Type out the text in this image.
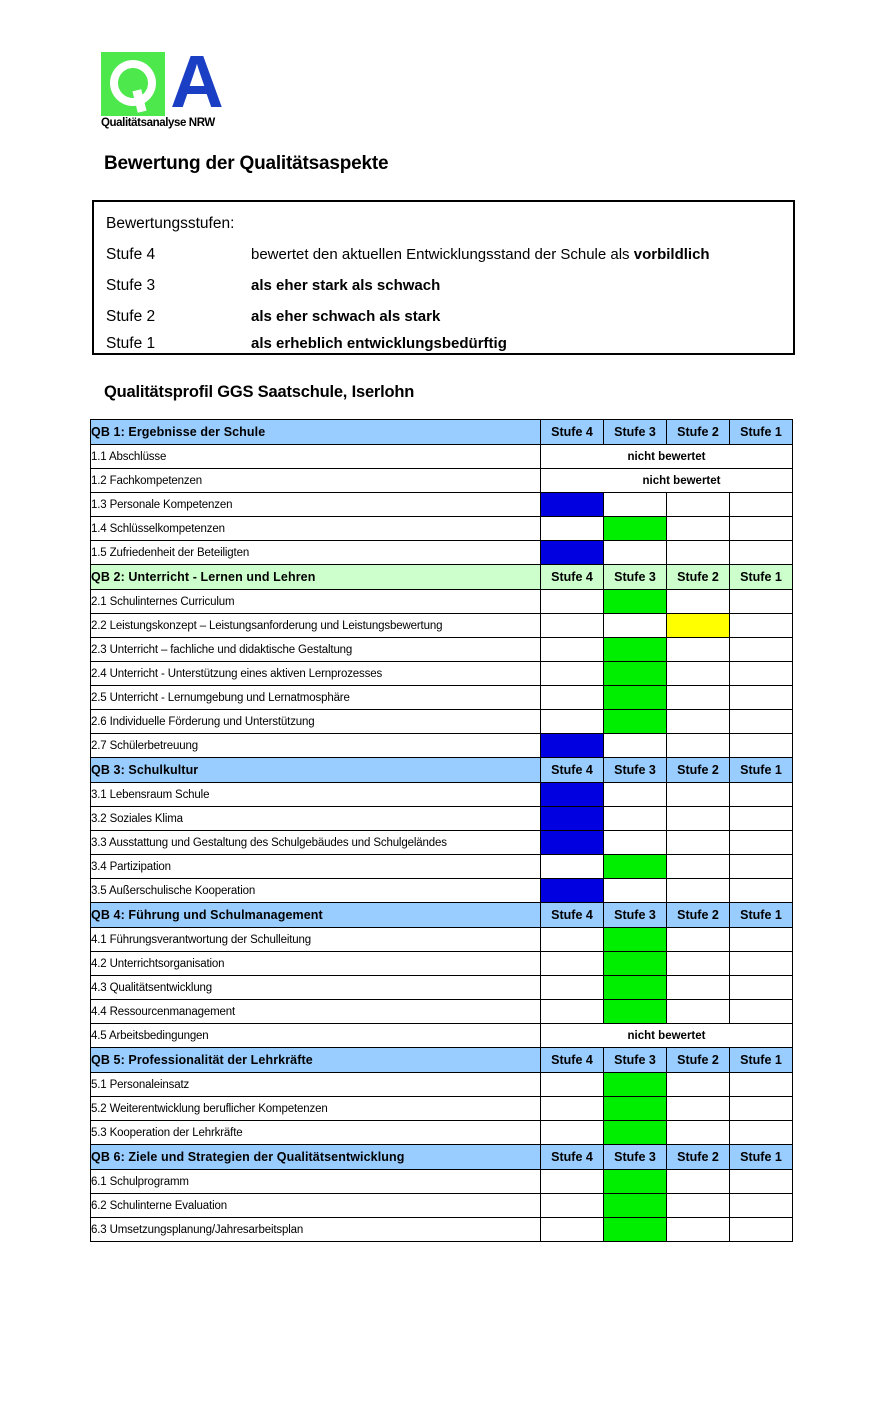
A
Qualitätsanalyse NRW
Bewertung der Qualitätsaspekte
Bewertungsstufen:
Stufe 4	bewertet den aktuellen Entwicklungsstand der Schule als vorbildlich
Stufe 3	als eher stark als schwach
Stufe 2	als eher schwach als stark
Stufe 1	als erheblich entwicklungsbedürftig
Qualitätsprofil GGS Saatschule, Iserlohn
QB 1: Ergebnisse der Schule	Stufe 4	Stufe 3	Stufe 2	Stufe 1
1.1 Abschlüsse	nicht bewertet			
1.2 Fachkompetenzen	nicht bewertet			
1.3 Personale Kompetenzen				
1.4 Schlüsselkompetenzen				
1.5 Zufriedenheit der Beteiligten				
QB 2: Unterricht - Lernen und Lehren	Stufe 4	Stufe 3	Stufe 2	Stufe 1
2.1 Schulinternes Curriculum				
2.2 Leistungskonzept – Leistungsanforderung und Leistungsbewertung				
2.3 Unterricht – fachliche und didaktische Gestaltung				
2.4 Unterricht - Unterstützung eines aktiven Lernprozesses				
2.5 Unterricht - Lernumgebung und Lernatmosphäre				
2.6 Individuelle Förderung und Unterstützung				
2.7 Schülerbetreuung				
QB 3: Schulkultur	Stufe 4	Stufe 3	Stufe 2	Stufe 1
3.1 Lebensraum Schule				
3.2 Soziales Klima				
3.3 Ausstattung und Gestaltung des Schulgebäudes und Schulgeländes				
3.4 Partizipation				
3.5 Außerschulische Kooperation				
QB 4: Führung und Schulmanagement	Stufe 4	Stufe 3	Stufe 2	Stufe 1
4.1 Führungsverantwortung der Schulleitung				
4.2 Unterrichtsorganisation				
4.3 Qualitätsentwicklung				
4.4 Ressourcenmanagement				
4.5 Arbeitsbedingungen	nicht bewertet			
QB 5: Professionalität der Lehrkräfte	Stufe 4	Stufe 3	Stufe 2	Stufe 1
5.1 Personaleinsatz				
5.2 Weiterentwicklung beruflicher Kompetenzen				
5.3 Kooperation der Lehrkräfte				
QB 6: Ziele und Strategien der Qualitätsentwicklung	Stufe 4	Stufe 3	Stufe 2	Stufe 1
6.1 Schulprogramm				
6.2 Schulinterne Evaluation				
6.3 Umsetzungsplanung/Jahresarbeitsplan				
